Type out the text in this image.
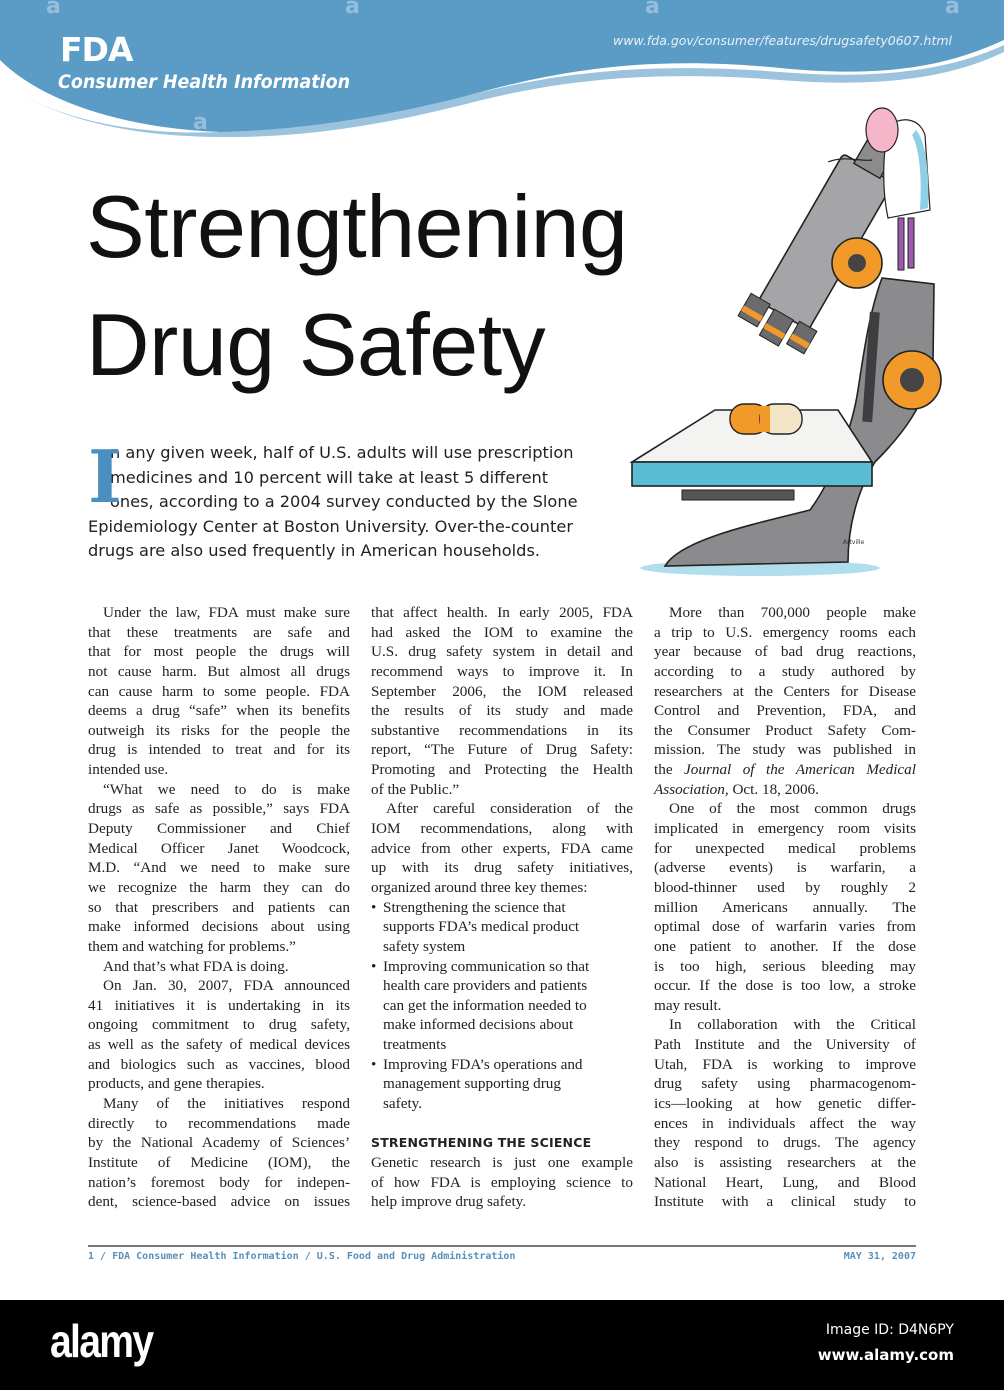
a	a	a	a
a
FDA
Consumer Health Information
www.fda.gov/consumer/features/drugsafety0607.html
Strengthening
Drug Safety
Artville
I
n any given week, half of U.S. adults will use prescription
medicines and 10 percent will take at least 5 different
ones, according to a 2004 survey conducted by the Slone
Epidemiology Center at Boston University. Over-the-counter
drugs are also used frequently in American households.
Under the law, FDA must make sure
that these treatments are safe and
that for most people the drugs will
not cause harm. But almost all drugs
can cause harm to some people. FDA
deems a drug “safe” when its benefits
outweigh its risks for the people the
drug is intended to treat and for its
intended use.
“What we need to do is make
drugs as safe as possible,” says FDA
Deputy Commissioner and Chief
Medical Officer Janet Woodcock,
M.D. “And we need to make sure
we recognize the harm they can do
so that prescribers and patients can
make informed decisions about using
them and watching for problems.”
And that’s what FDA is doing.
On Jan. 30, 2007, FDA announced
41 initiatives it is undertaking in its
ongoing commitment to drug safety,
as well as the safety of medical devices
and biologics such as vaccines, blood
products, and gene therapies.
Many of the initiatives respond
directly to recommendations made
by the National Academy of Sciences’
Institute of Medicine (IOM), the
nation’s foremost body for indepen-
dent, science-based advice on issues
that affect health. In early 2005, FDA
had asked the IOM to examine the
U.S. drug safety system in detail and
recommend ways to improve it. In
September 2006, the IOM released
the results of its study and made
substantive recommendations in its
report, “The Future of Drug Safety:
Promoting and Protecting the Health
of the Public.”
After careful consideration of the
IOM recommendations, along with
advice from other experts, FDA came
up with its drug safety initiatives,
organized around three key themes:
• Strengthening the science that
supports FDA’s medical product
safety system
• Improving communication so that
health care providers and patients
can get the information needed to
make informed decisions about
treatments
• Improving FDA’s operations and
management supporting drug
safety.
STRENGTHENING THE SCIENCE
Genetic research is just one example
of how FDA is employing science to
help improve drug safety.
More than 700,000 people make
a trip to U.S. emergency rooms each
year because of bad drug reactions,
according to a study authored by
researchers at the Centers for Disease
Control and Prevention, FDA, and
the Consumer Product Safety Com-
mission. The study was published in
the Journal of the American Medical
Association, Oct. 18, 2006.
One of the most common drugs
implicated in emergency room visits
for unexpected medical problems
(adverse events) is warfarin, a
blood-thinner used by roughly 2
million Americans annually. The
optimal dose of warfarin varies from
one patient to another. If the dose
is too high, serious bleeding may
occur. If the dose is too low, a stroke
may result.
In collaboration with the Critical
Path Institute and the University of
Utah, FDA is working to improve
drug safety using pharmacogenom-
ics—looking at how genetic differ-
ences in individuals affect the way
they respond to drugs. The agency
also is assisting researchers at the
National Heart, Lung, and Blood
Institute with a clinical study to
1 / FDA Consumer Health Information / U.S. Food and Drug Administration	MAY 31, 2007
alamy	Image ID: D4N6PY
www.alamy.com
